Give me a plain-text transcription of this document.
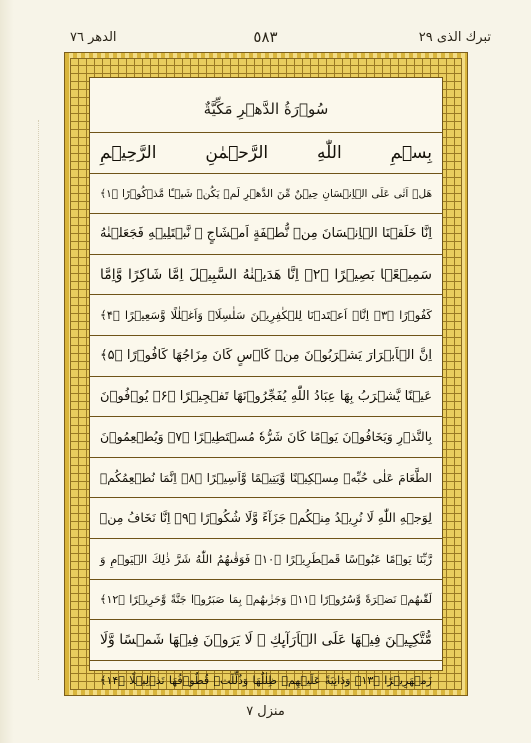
تبرك الذى ٢٩
٥٨٣
الدهر ٧٦
سُوۡرَةُ الدَّهۡرِ مَکِّيَّةٌ
بِسۡمِ اللّٰهِ الرَّحۡمٰنِ الرَّحِيۡمِ
هَلۡ اَتٰى عَلَى الۡاِنۡسَانِ حِيۡنٌ مِّنَ الدَّهۡرِ لَمۡ يَكُنۡ شَيۡـًٔا مَّذۡكُوۡرًا ﴿۱﴾
اِنَّا خَلَقۡنَا الۡاِنۡسَانَ مِنۡ نُّطۡفَةٍ اَمۡشَاجٍ ۖ نَّبۡتَلِيۡهِ فَجَعَلۡنٰهُ
سَمِيۡعًۢا بَصِيۡرًا ﴿۲﴾ اِنَّا هَدَيۡنٰهُ السَّبِيۡلَ اِمَّا شَاكِرًا وَّاِمَّا
كَفُوۡرًا ﴿۳﴾ اِنَّاۤ اَعۡتَدۡنَا لِلۡكٰفِرِيۡنَ سَلٰسِلَا۟ وَاَغۡلٰلًا وَّسَعِيۡرًا ﴿۴﴾
اِنَّ الۡاَبۡرَارَ يَشۡرَبُوۡنَ مِنۡ كَاۡسٍ كَانَ مِزَاجُهَا كَافُوۡرًا ﴿۵﴾
عَيۡنًا يَّشۡرَبُ بِهَا عِبَادُ اللّٰهِ يُفَجِّرُوۡنَهَا تَفۡجِيۡرًا ﴿۶﴾ يُوۡفُوۡنَ
بِالنَّذۡرِ وَيَخَافُوۡنَ يَوۡمًا كَانَ شَرُّهٗ مُسۡتَطِيۡرًا ﴿۷﴾ وَيُطۡعِمُوۡنَ
الطَّعَامَ عَلٰى حُبِّهٖ مِسۡكِيۡنًا وَّيَتِيۡمًا وَّاَسِيۡرًا ﴿۸﴾ اِنَّمَا نُطۡعِمُكُمۡ
لِوَجۡهِ اللّٰهِ لَا نُرِيۡدُ مِنۡكُمۡ جَزَآءً وَّلَا شُكُوۡرًا ﴿۹﴾ اِنَّا نَخَافُ مِنۡ
رَّبِّنَا يَوۡمًا عَبُوۡسًا قَمۡطَرِيۡرًا ﴿۱۰﴾ فَوَقٰٮهُمُ اللّٰهُ شَرَّ ذٰلِكَ الۡيَوۡمِ وَ
لَقّٰٮهُمۡ نَضۡرَةً وَّسُرُوۡرًا ﴿۱۱﴾ وَجَزٰٮهُمۡ بِمَا صَبَرُوۡا جَنَّةً وَّحَرِيۡرًا ﴿۱۲﴾
مُّتَّكِـِٕيۡنَ فِيۡهَا عَلَى الۡاَرَآٮِٕكِ ۚ لَا يَرَوۡنَ فِيۡهَا شَمۡسًا وَّلَا
زَمۡهَرِيۡرًا ﴿۱۳﴾ وَدَانِيَةً عَلَيۡهِمۡ ظِلٰلُهَا وَذُلِّلَتۡ قُطُوۡفُهَا تَذۡلِيۡلًا ﴿۱۴﴾
منزل ٧
